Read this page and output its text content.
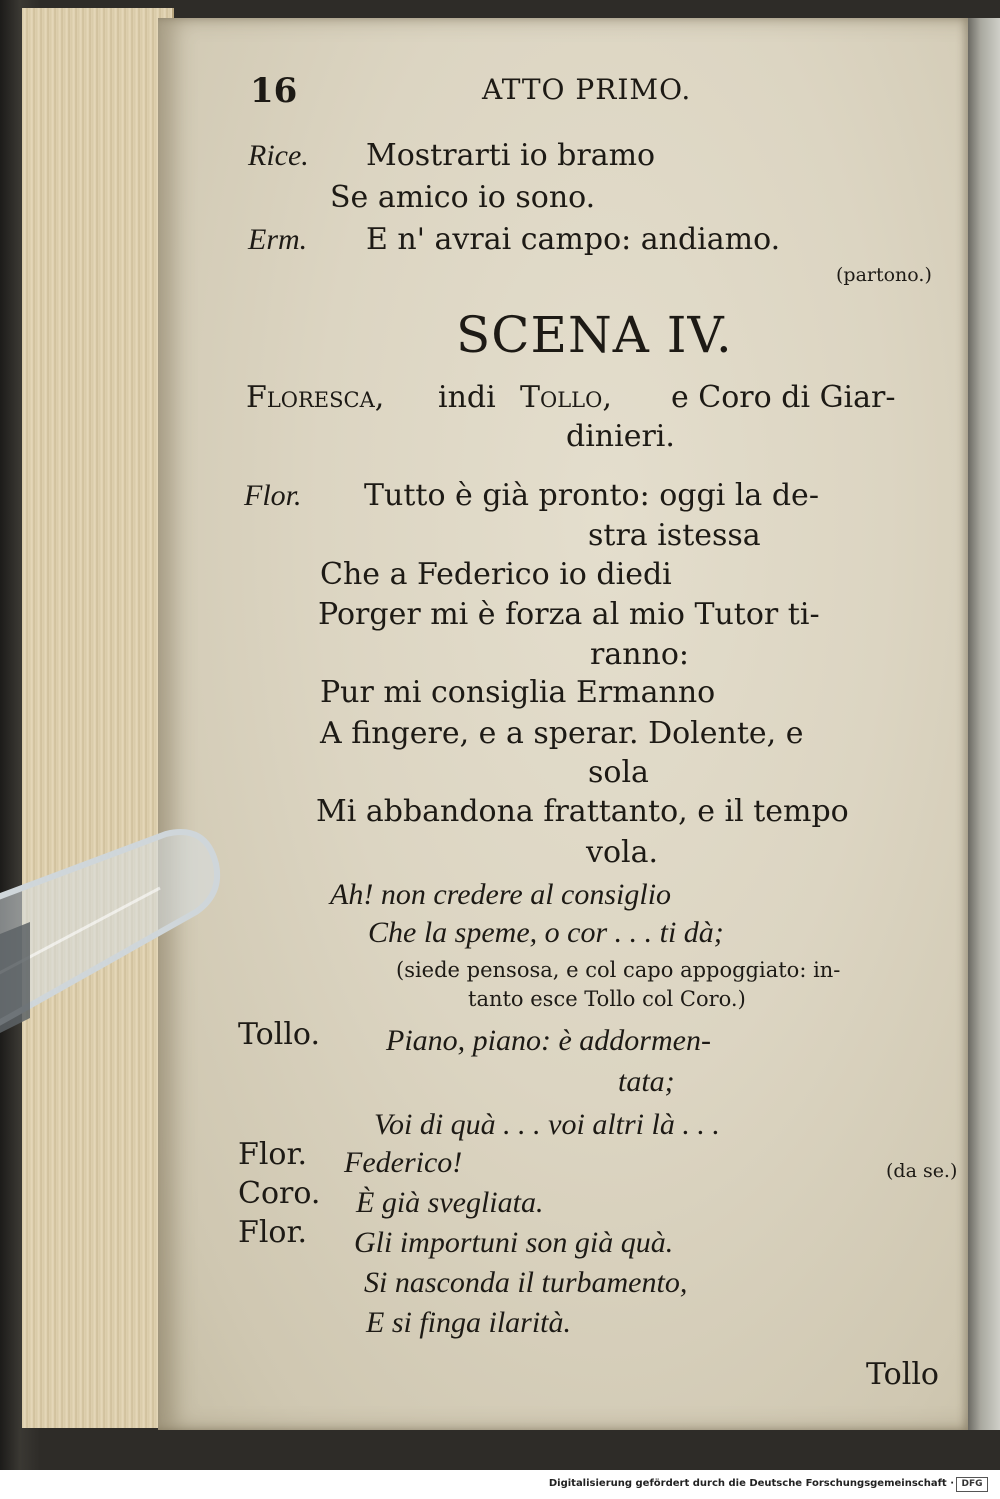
16	ATTO PRIMO.
Rice. Mostrarti io bramo
Se amico io sono.
Erm. E n' avrai campo: andiamo.
(partono.)
SCENA IV.
Floresca, indi Tollo, e Coro di Giar-
dinieri.
Flor. Tutto è già pronto: oggi la de-
stra istessa
Che a Federico io diedi
Porger mi è forza al mio Tutor ti-
ranno:
Pur mi consiglia Ermanno
A fingere, e a sperar. Dolente, e
sola
Mi abbandona frattanto, e il tempo
vola.
Ah! non credere al consiglio
Che la speme, o cor . . . ti dà;
(siede pensosa, e col capo appoggiato: in-
tanto esce Tollo col Coro.)
Tollo. Piano, piano: è addormen-
tata;
Voi di quà . . . voi altri là . . .
Flor. Federico!	(da se.)
Coro. È già svegliata.
Flor. Gli importuni son già quà.
Si nasconda il turbamento,
E si finga ilarità.
Tollo
Digitalisierung gefördert durch die Deutsche Forschungsgemeinschaft · DFG
